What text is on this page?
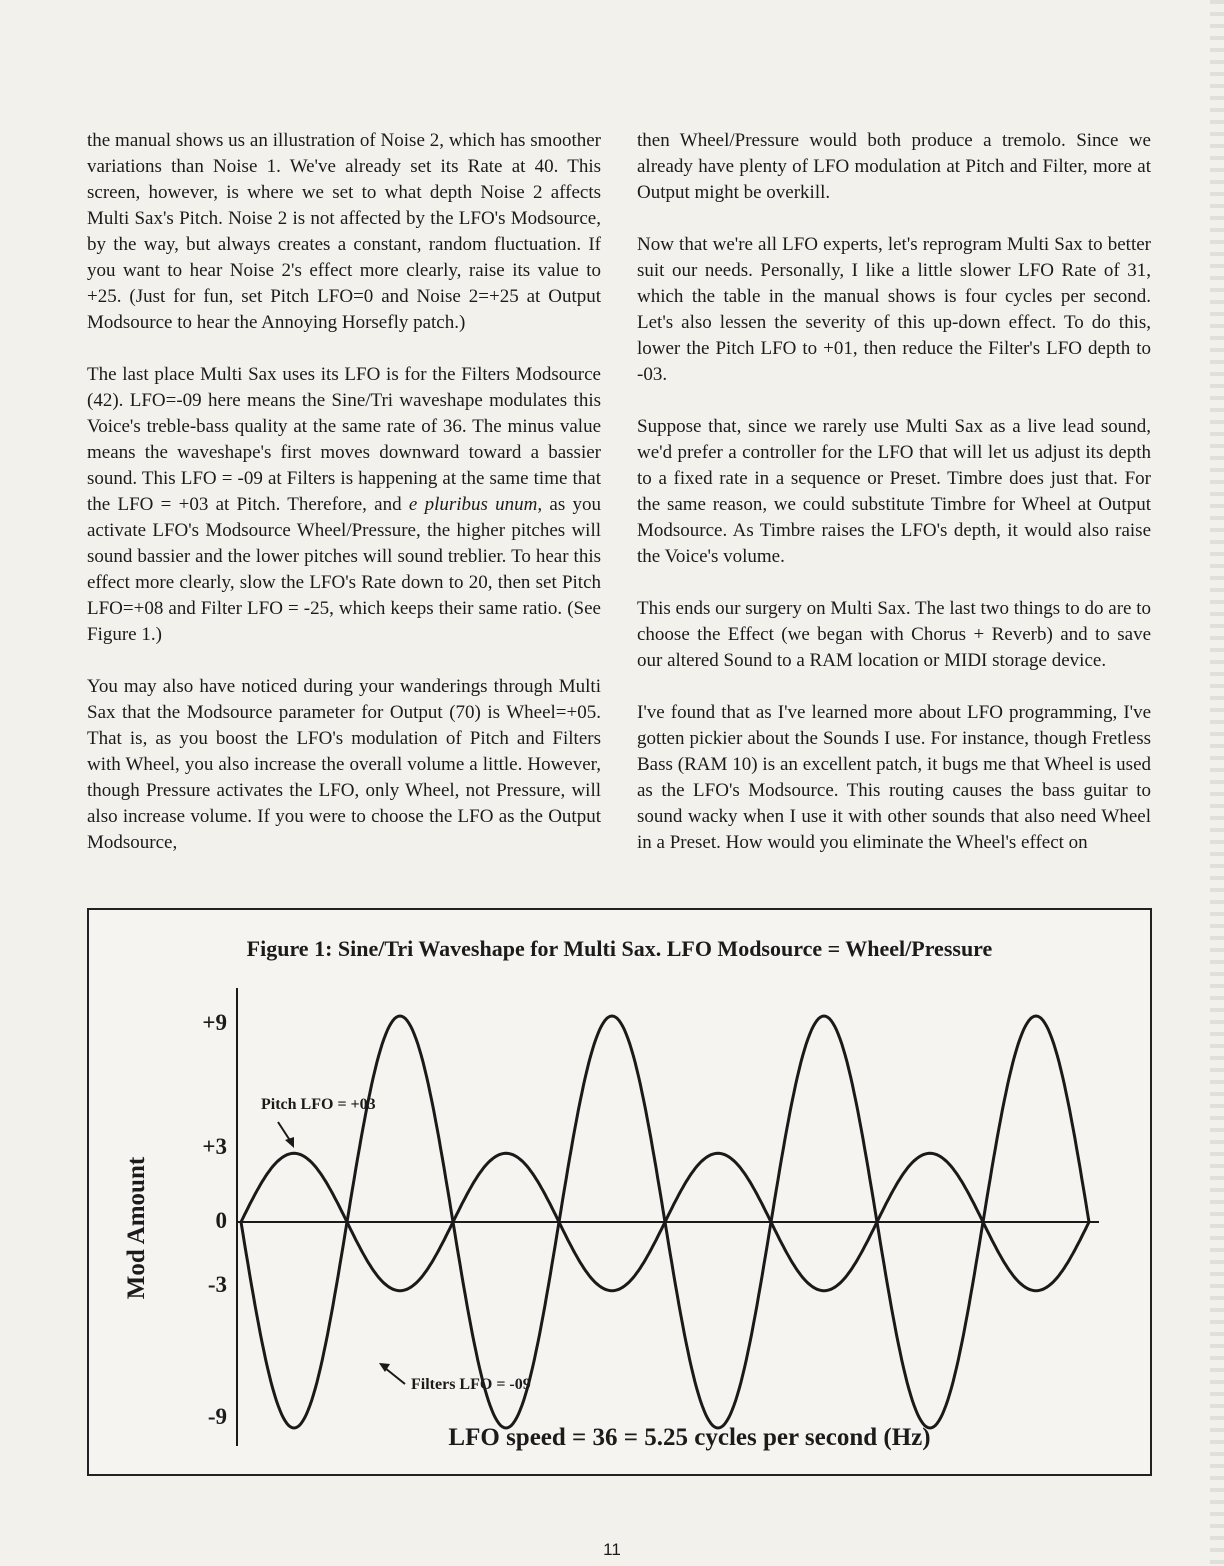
the manual shows us an illustration of Noise 2, which has smoother variations than Noise 1. We've already set its Rate at 40. This screen, however, is where we set to what depth Noise 2 affects Multi Sax's Pitch. Noise 2 is not affected by the LFO's Modsource, by the way, but always creates a constant, random fluctuation. If you want to hear Noise 2's effect more clearly, raise its value to +25. (Just for fun, set Pitch LFO=0 and Noise 2=+25 at Output Modsource to hear the Annoying Horsefly patch.)

The last place Multi Sax uses its LFO is for the Filters Modsource (42). LFO=-09 here means the Sine/Tri waveshape modulates this Voice's treble-bass quality at the same rate of 36. The minus value means the waveshape's first moves downward toward a bassier sound. This LFO = -09 at Filters is happening at the same time that the LFO = +03 at Pitch. Therefore, and e pluribus unum, as you activate LFO's Modsource Wheel/Pressure, the higher pitches will sound bassier and the lower pitches will sound treblier. To hear this effect more clearly, slow the LFO's Rate down to 20, then set Pitch LFO=+08 and Filter LFO = -25, which keeps their same ratio. (See Figure 1.)

You may also have noticed during your wanderings through Multi Sax that the Modsource parameter for Output (70) is Wheel=+05. That is, as you boost the LFO's modulation of Pitch and Filters with Wheel, you also increase the overall volume a little. However, though Pressure activates the LFO, only Wheel, not Pressure, will also increase volume. If you were to choose the LFO as the Output Modsource,

then Wheel/Pressure would both produce a tremolo. Since we already have plenty of LFO modulation at Pitch and Filter, more at Output might be overkill.

Now that we're all LFO experts, let's reprogram Multi Sax to better suit our needs. Personally, I like a little slower LFO Rate of 31, which the table in the manual shows is four cycles per second. Let's also lessen the severity of this up-down effect. To do this, lower the Pitch LFO to +01, then reduce the Filter's LFO depth to -03.

Suppose that, since we rarely use Multi Sax as a live lead sound, we'd prefer a controller for the LFO that will let us adjust its depth to a fixed rate in a sequence or Preset. Timbre does just that. For the same reason, we could substitute Timbre for Wheel at Output Modsource. As Timbre raises the LFO's depth, it would also raise the Voice's volume.

This ends our surgery on Multi Sax. The last two things to do are to choose the Effect (we began with Chorus + Reverb) and to save our altered Sound to a RAM location or MIDI storage device.

I've found that as I've learned more about LFO programming, I've gotten pickier about the Sounds I use. For instance, though Fretless Bass (RAM 10) is an excellent patch, it bugs me that Wheel is used as the LFO's Modsource. This routing causes the bass guitar to sound wacky when I use it with other sounds that also need Wheel in a Preset. How would you eliminate the Wheel's effect on

Figure 1: Sine/Tri Waveshape for Multi Sax. LFO Modsource = Wheel/Pressure
Mod Amount
+9
+3
0
-3
-9
Pitch LFO = +03
Filters LFO = -09
LFO speed = 36 = 5.25 cycles per second (Hz)
11
